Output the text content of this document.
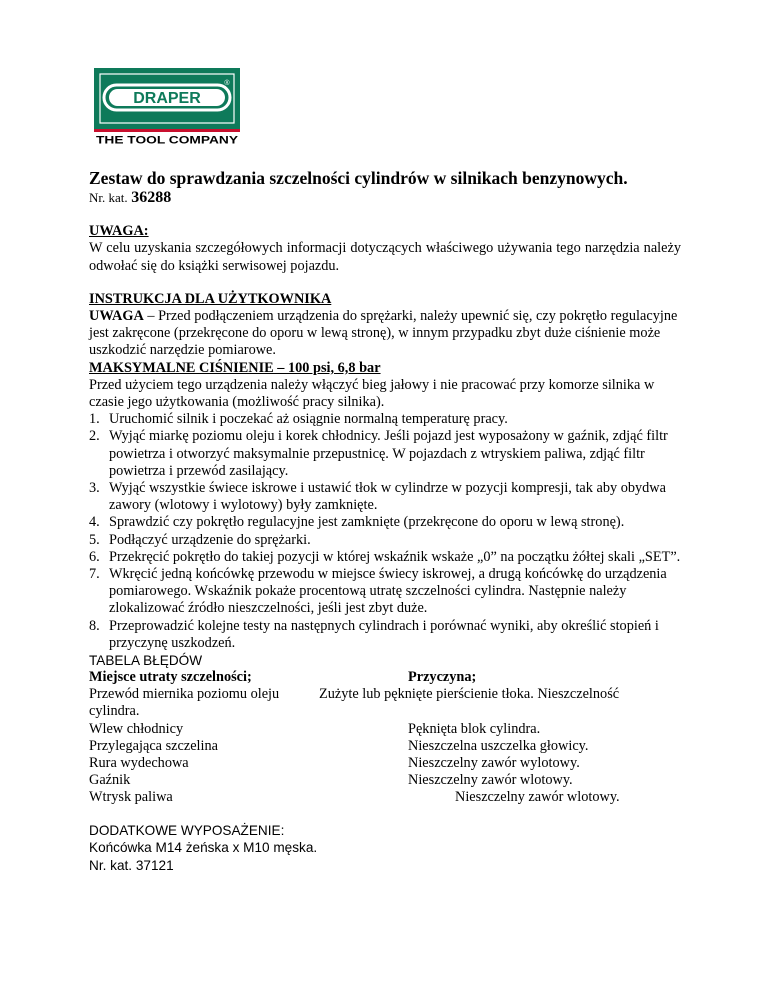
DRAPER
®
THE TOOL COMPANY

Zestaw do sprawdzania szczelności cylindrów w silnikach benzynowych.

Nr. kat. 36288

UWAGA:

W celu uzyskania szczegółowych informacji dotyczących właściwego używania tego narzędzia należy odwołać się do książki serwisowej pojazdu.

INSTRUKCJA DLA UŻYTKOWNIKA

UWAGA – Przed podłączeniem urządzenia do sprężarki, należy upewnić się, czy pokrętło regulacyjne jest zakręcone (przekręcone do oporu w lewą stronę), w innym przypadku zbyt duże ciśnienie może uszkodzić narzędzie pomiarowe.

MAKSYMALNE CIŚNIENIE – 100 psi, 6,8 bar

Przed użyciem tego urządzenia należy włączyć bieg jałowy i nie pracować przy komorze silnika w czasie jego użytkowania (możliwość pracy silnika).

1. Uruchomić silnik i poczekać aż osiągnie normalną temperaturę pracy.
2. Wyjąć miarkę poziomu oleju i korek chłodnicy. Jeśli pojazd jest wyposażony w gaźnik, zdjąć filtr powietrza i otworzyć maksymalnie przepustnicę. W pojazdach z wtryskiem paliwa, zdjąć filtr powietrza i przewód zasilający.
3. Wyjąć wszystkie świece iskrowe i ustawić tłok w cylindrze w pozycji kompresji, tak aby obydwa zawory (wlotowy i wylotowy) były zamknięte.
4. Sprawdzić czy pokrętło regulacyjne jest zamknięte (przekręcone do oporu w lewą stronę).
5. Podłączyć urządzenie do sprężarki.
6. Przekręcić pokrętło do takiej pozycji w której wskaźnik wskaże „0” na początku żółtej skali „SET”.
7. Wkręcić jedną końcówkę przewodu w miejsce świecy iskrowej, a drugą końcówkę do urządzenia pomiarowego. Wskaźnik pokaże procentową utratę szczelności cylindra. Następnie należy zlokalizować źródło nieszczelności, jeśli jest zbyt duże.
8. Przeprowadzić kolejne testy na następnych cylindrach i porównać wyniki, aby określić stopień i przyczynę uszkodzeń.

TABELA BŁĘDÓW

Miejsce utraty szczelności;	Przyczyna;
Przewód miernika poziomu oleju	Zużyte lub pęknięte pierścienie tłoka. Nieszczelność
cylindra.
Wlew chłodnicy	Pęknięta blok cylindra.
Przylegająca szczelina	Nieszczelna uszczelka głowicy.
Rura wydechowa	Nieszczelny zawór wylotowy.
Gaźnik	Nieszczelny zawór wlotowy.
Wtrysk paliwa	Nieszczelny zawór wlotowy.

DODATKOWE WYPOSAŻENIE:

Końcówka M14 żeńska x M10 męska.

Nr. kat. 37121
